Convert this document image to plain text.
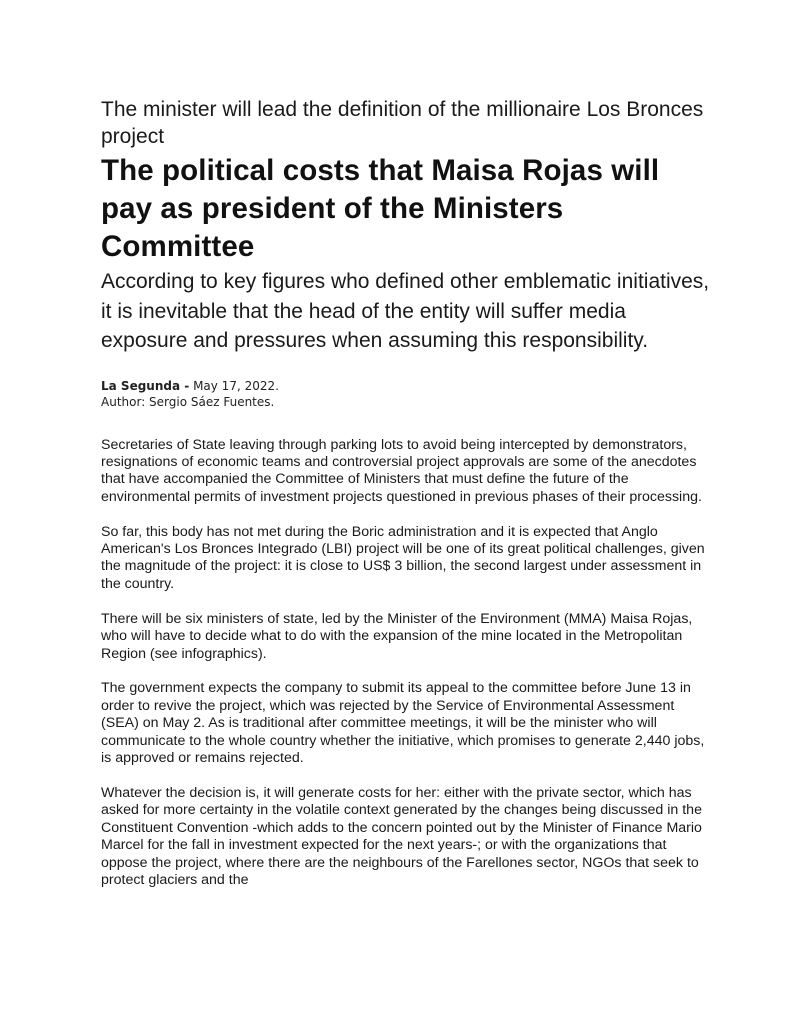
The minister will lead the definition of the millionaire Los Bronces project
The political costs that Maisa Rojas will pay as president of the Ministers Committee

According to key figures who defined other emblematic initiatives, it is inevitable that the head of the entity will suffer media exposure and pressures when assuming this responsibility.

La Segunda - May 17, 2022.
Author: Sergio Sáez Fuentes.

Secretaries of State leaving through parking lots to avoid being intercepted by demonstrators, resignations of economic teams and controversial project approvals are some of the anecdotes that have accompanied the Committee of Ministers that must define the future of the environmental permits of investment projects questioned in previous phases of their processing.

So far, this body has not met during the Boric administration and it is expected that Anglo American's Los Bronces Integrado (LBI) project will be one of its great political challenges, given the magnitude of the project: it is close to US$ 3 billion, the second largest under assessment in the country.

There will be six ministers of state, led by the Minister of the Environment (MMA) Maisa Rojas, who will have to decide what to do with the expansion of the mine located in the Metropolitan Region (see infographics).

The government expects the company to submit its appeal to the committee before June 13 in order to revive the project, which was rejected by the Service of Environmental Assessment (SEA) on May 2. As is traditional after committee meetings, it will be the minister who will communicate to the whole country whether the initiative, which promises to generate 2,440 jobs, is approved or remains rejected.

Whatever the decision is, it will generate costs for her: either with the private sector, which has asked for more certainty in the volatile context generated by the changes being discussed in the Constituent Convention -which adds to the concern pointed out by the Minister of Finance Mario Marcel for the fall in investment expected for the next years-; or with the organizations that oppose the project, where there are the neighbours of the Farellones sector, NGOs that seek to protect glaciers and the
